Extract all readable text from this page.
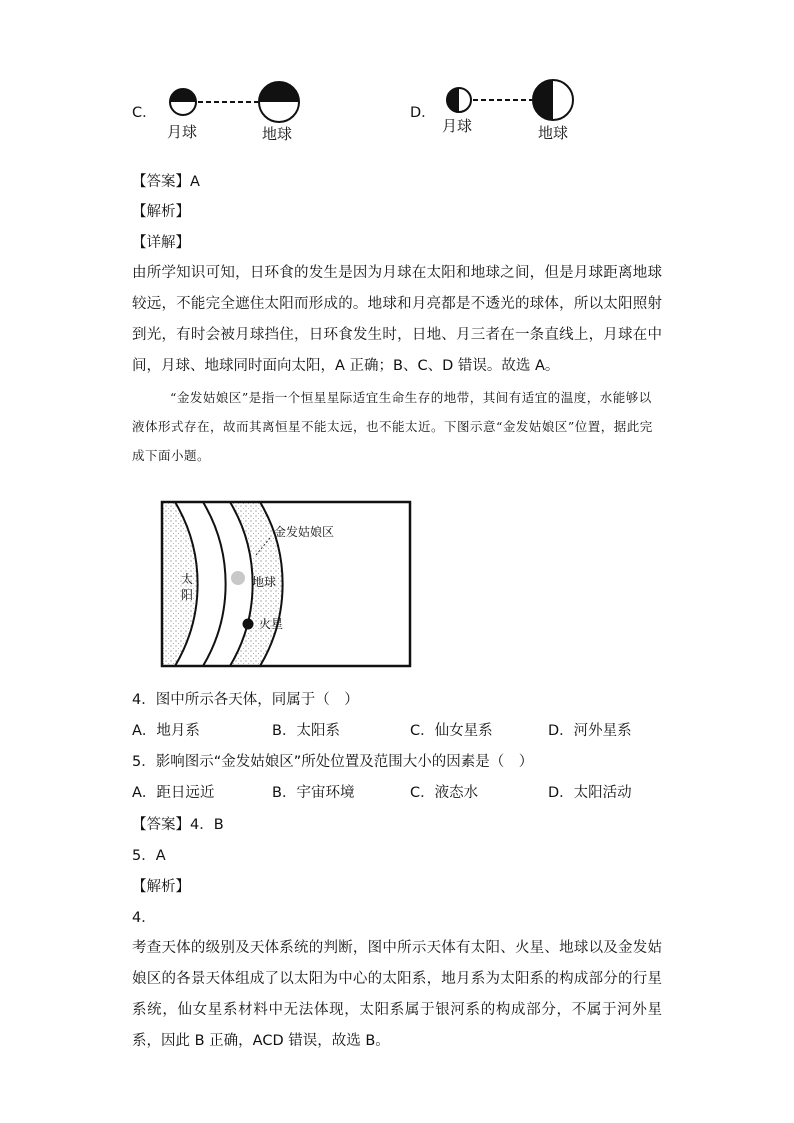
C．
月球	地球
D．
月球	地球
【答案】A
【解析】
【详解】
由所学知识可知，日环食的发生是因为月球在太阳和地球之间，但是月球距离地球较远，不能完全遮住太阳而形成的。地球和月亮都是不透光的球体，所以太阳照射到光，有时会被月球挡住，日环食发生时，日地、月三者在一条直线上，月球在中间，月球、地球同时面向太阳，A 正确；B、C、D 错误。故选 A。
“金发姑娘区”是指一个恒星星际适宜生命生存的地带，其间有适宜的温度，水能够以液体形式存在，故而其离恒星不能太远，也不能太近。下图示意“金发姑娘区”位置，据此完成下面小题。
金发姑娘区
地球
火星
太
阳
4．图中所示各天体，同属于（　）
A．地月系	B．太阳系	C．仙女星系	D．河外星系
5．影响图示“金发姑娘区”所处位置及范围大小的因素是（　）
A．距日远近	B．宇宙环境	C．液态水	D．太阳活动
【答案】4．B
5．A
【解析】
4．
考查天体的级别及天体系统的判断，图中所示天体有太阳、火星、地球以及金发姑娘区的各景天体组成了以太阳为中心的太阳系，地月系为太阳系的构成部分的行星系统，仙女星系材料中无法体现，太阳系属于银河系的构成部分，不属于河外星系，因此 B 正确，ACD 错误，故选 B。
